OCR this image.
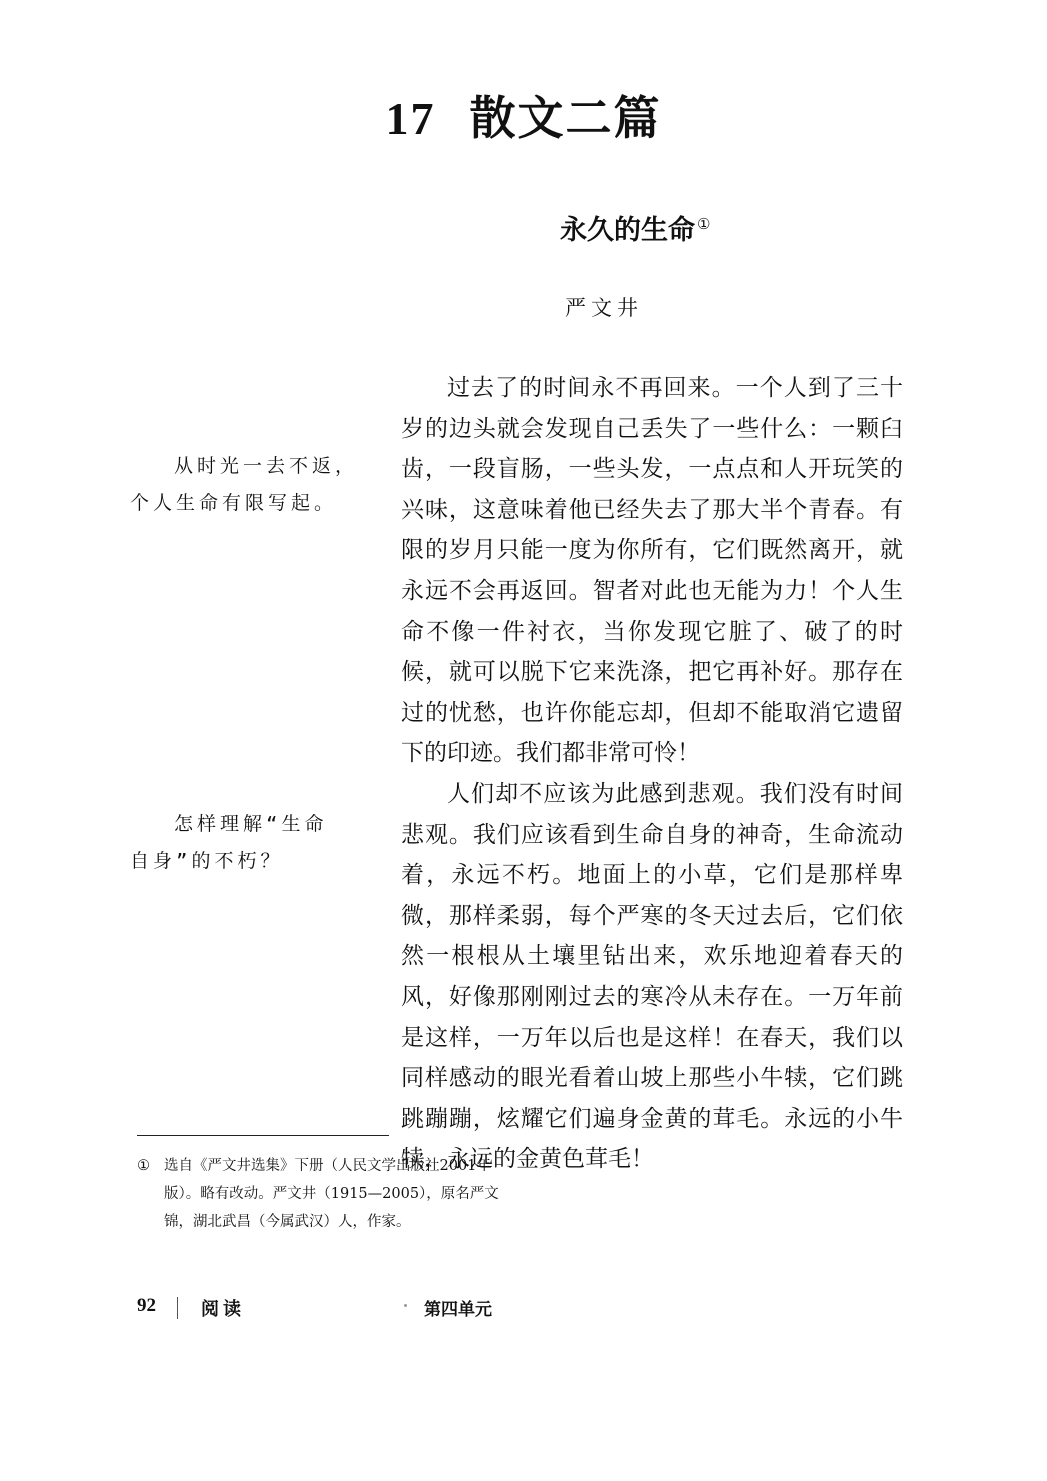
17 散文二篇
永久的生命 ①
严文井

过去了的时间永不再回来。一个人到了三十岁的边头就会发现自己丢失了一些什么：一颗臼齿，一段盲肠，一些头发，一点点和人开玩笑的兴味，这意味着他已经失去了那大半个青春。有限的岁月只能一度为你所有，它们既然离开，就永远不会再返回。智者对此也无能为力！个人生命不像一件衬衣，当你发现它脏了、破了的时候，就可以脱下它来洗涤，把它再补好。那存在过的忧愁，也许你能忘却，但却不能取消它遗留下的印迹。我们都非常可怜！

人们却不应该为此感到悲观。我们没有时间悲观。我们应该看到生命自身的神奇，生命流动着，永远不朽。地面上的小草，它们是那样卑微，那样柔弱，每个严寒的冬天过去后，它们依然一根根从土壤里钻出来，欢乐地迎着春天的风，好像那刚刚过去的寒冷从未存在。一万年前是这样，一万年以后也是这样！在春天，我们以同样感动的眼光看着山坡上那些小牛犊，它们跳跳蹦蹦，炫耀它们遍身金黄的茸毛。永远的小牛犊，永远的金黄色茸毛！

从时光一去不返，
个人生命有限写起。
怎样理解“生命
自身”的不朽？
① 选自《严文井选集》下册（人民文学出版社2001年版）。略有改动。严文井（1915—2005），原名严文锦，湖北武昌（今属武汉）人，作家。
92	阅读	第四单元
